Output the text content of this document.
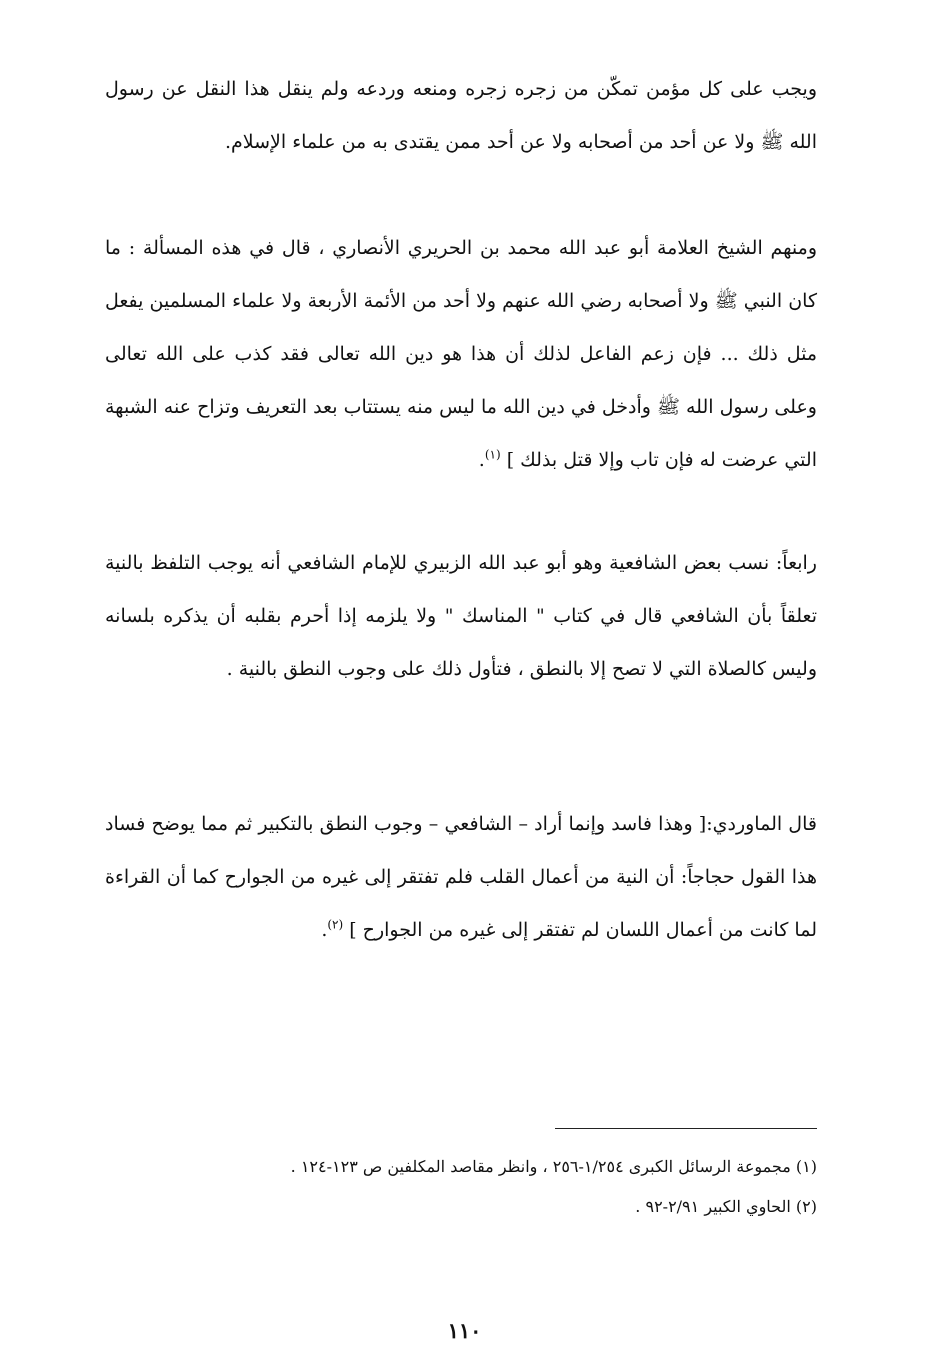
ويجب على كل مؤمن تمكّن من زجره زجره ومنعه وردعه ولم ينقل هذا النقل عن رسول الله ﷺ ولا عن أحد من أصحابه ولا عن أحد ممن يقتدى به من علماء الإسلام.

ومنهم الشيخ العلامة أبو عبد الله محمد بن الحريري الأنصاري ، قال في هذه المسألة : ما كان النبي ﷺ ولا أصحابه رضي الله عنهم ولا أحد من الأئمة الأربعة ولا علماء المسلمين يفعل مثل ذلك ... فإن زعم الفاعل لذلك أن هذا هو دين الله تعالى فقد كذب على الله تعالى وعلى رسول الله ﷺ وأدخل في دين الله ما ليس منه يستتاب بعد التعريف وتزاح عنه الشبهة التي عرضت له فإن تاب وإلا قتل بذلك ] $^{(١)}$.

رابعاً: نسب بعض الشافعية وهو أبو عبد الله الزبيري للإمام الشافعي أنه يوجب التلفظ بالنية تعلقاً بأن الشافعي قال في كتاب " المناسك " ولا يلزمه إذا أحرم بقلبه أن يذكره بلسانه وليس كالصلاة التي لا تصح إلا بالنطق ، فتأول ذلك على وجوب النطق بالنية .

قال الماوردي:[ وهذا فاسد وإنما أراد – الشافعي – وجوب النطق بالتكبير ثم مما يوضح فساد هذا القول حجاجاً: أن النية من أعمال القلب فلم تفتقر إلى غيره من الجوارح كما أن القراءة لما كانت من أعمال اللسان لم تفتقر إلى غيره من الجوارح ] $^{(٢)}$.

(١) مجموعة الرسائل الكبرى ١/٢٥٤-٢٥٦ ، وانظر مقاصد المكلفين ص ١٢٣-١٢٤ .

(٢) الحاوي الكبير ٢/٩١-٩٢ .

١١٠
